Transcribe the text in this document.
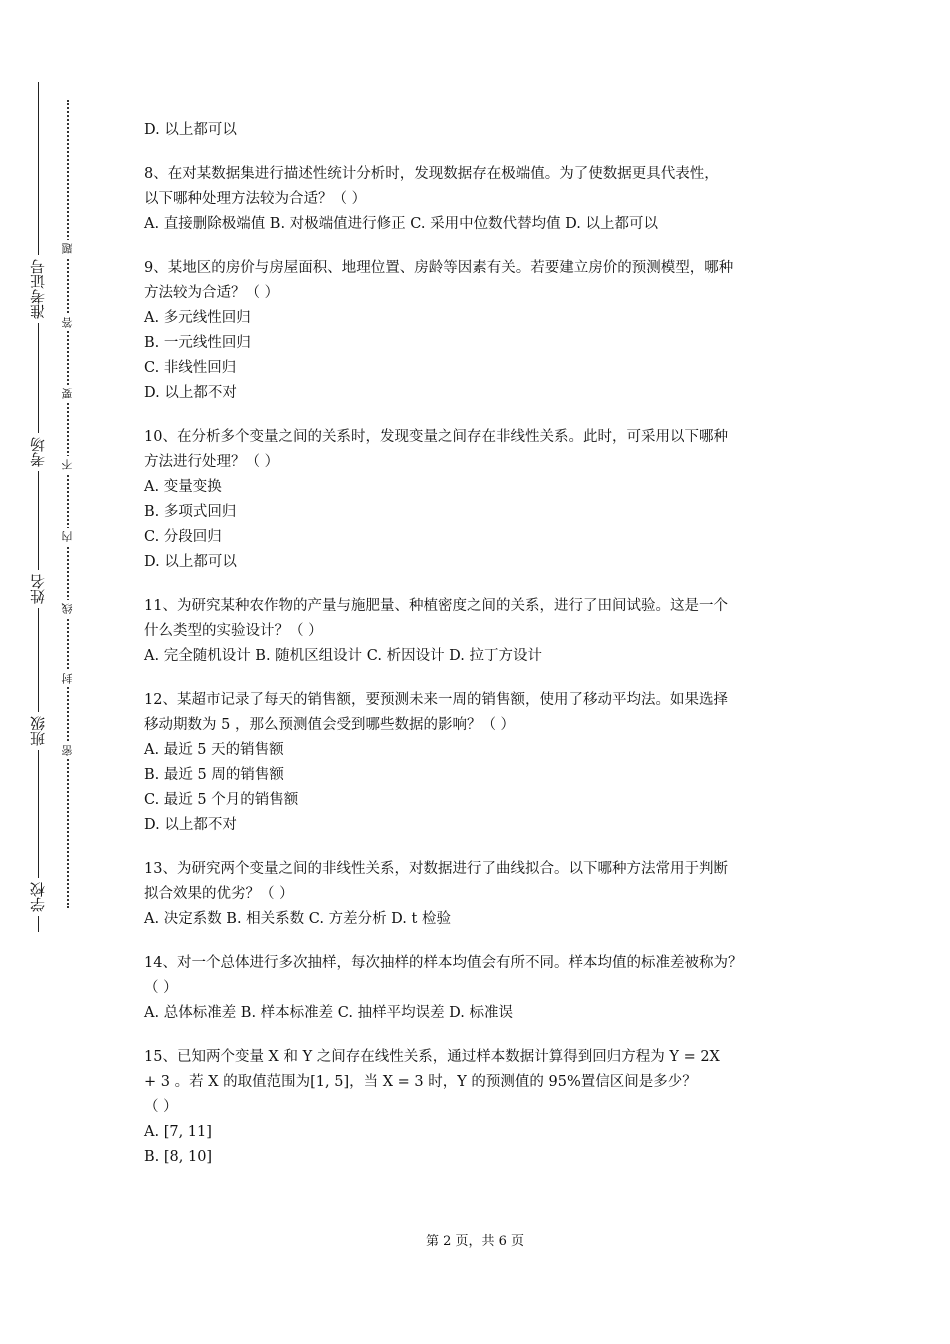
学校
班级
姓名
考场
准考证号
密
封
线
内
不
要
答
题
D. 以上都可以
8、在对某数据集进行描述性统计分析时，发现数据存在极端值。为了使数据更具代表性，
以下哪种处理方法较为合适？（ ）
A. 直接删除极端值 B. 对极端值进行修正 C. 采用中位数代替均值 D. 以上都可以
9、某地区的房价与房屋面积、地理位置、房龄等因素有关。若要建立房价的预测模型，哪种
方法较为合适？（ ）
A. 多元线性回归
B. 一元线性回归
C. 非线性回归
D. 以上都不对
10、在分析多个变量之间的关系时，发现变量之间存在非线性关系。此时，可采用以下哪种
方法进行处理？（ ）
A. 变量变换
B. 多项式回归
C. 分段回归
D. 以上都可以
11、为研究某种农作物的产量与施肥量、种植密度之间的关系，进行了田间试验。这是一个
什么类型的实验设计？（ ）
A. 完全随机设计 B. 随机区组设计 C. 析因设计 D. 拉丁方设计
12、某超市记录了每天的销售额，要预测未来一周的销售额，使用了移动平均法。如果选择
移动期数为 5 ，那么预测值会受到哪些数据的影响？（ ）
A. 最近 5 天的销售额
B. 最近 5 周的销售额
C. 最近 5 个月的销售额
D. 以上都不对
13、为研究两个变量之间的非线性关系，对数据进行了曲线拟合。以下哪种方法常用于判断
拟合效果的优劣？（ ）
A. 决定系数 B. 相关系数 C. 方差分析 D. t 检验
14、对一个总体进行多次抽样，每次抽样的样本均值会有所不同。样本均值的标准差被称为？
（ ）
A. 总体标准差 B. 样本标准差 C. 抽样平均误差 D. 标准误
15、已知两个变量 X 和 Y 之间存在线性关系，通过样本数据计算得到回归方程为 Y = 2X
+ 3 。若 X 的取值范围为[1, 5]，当 X = 3 时，Y 的预测值的 95%置信区间是多少？
（ ）
A. [7, 11]
B. [8, 10]
第 2 页，共 6 页
